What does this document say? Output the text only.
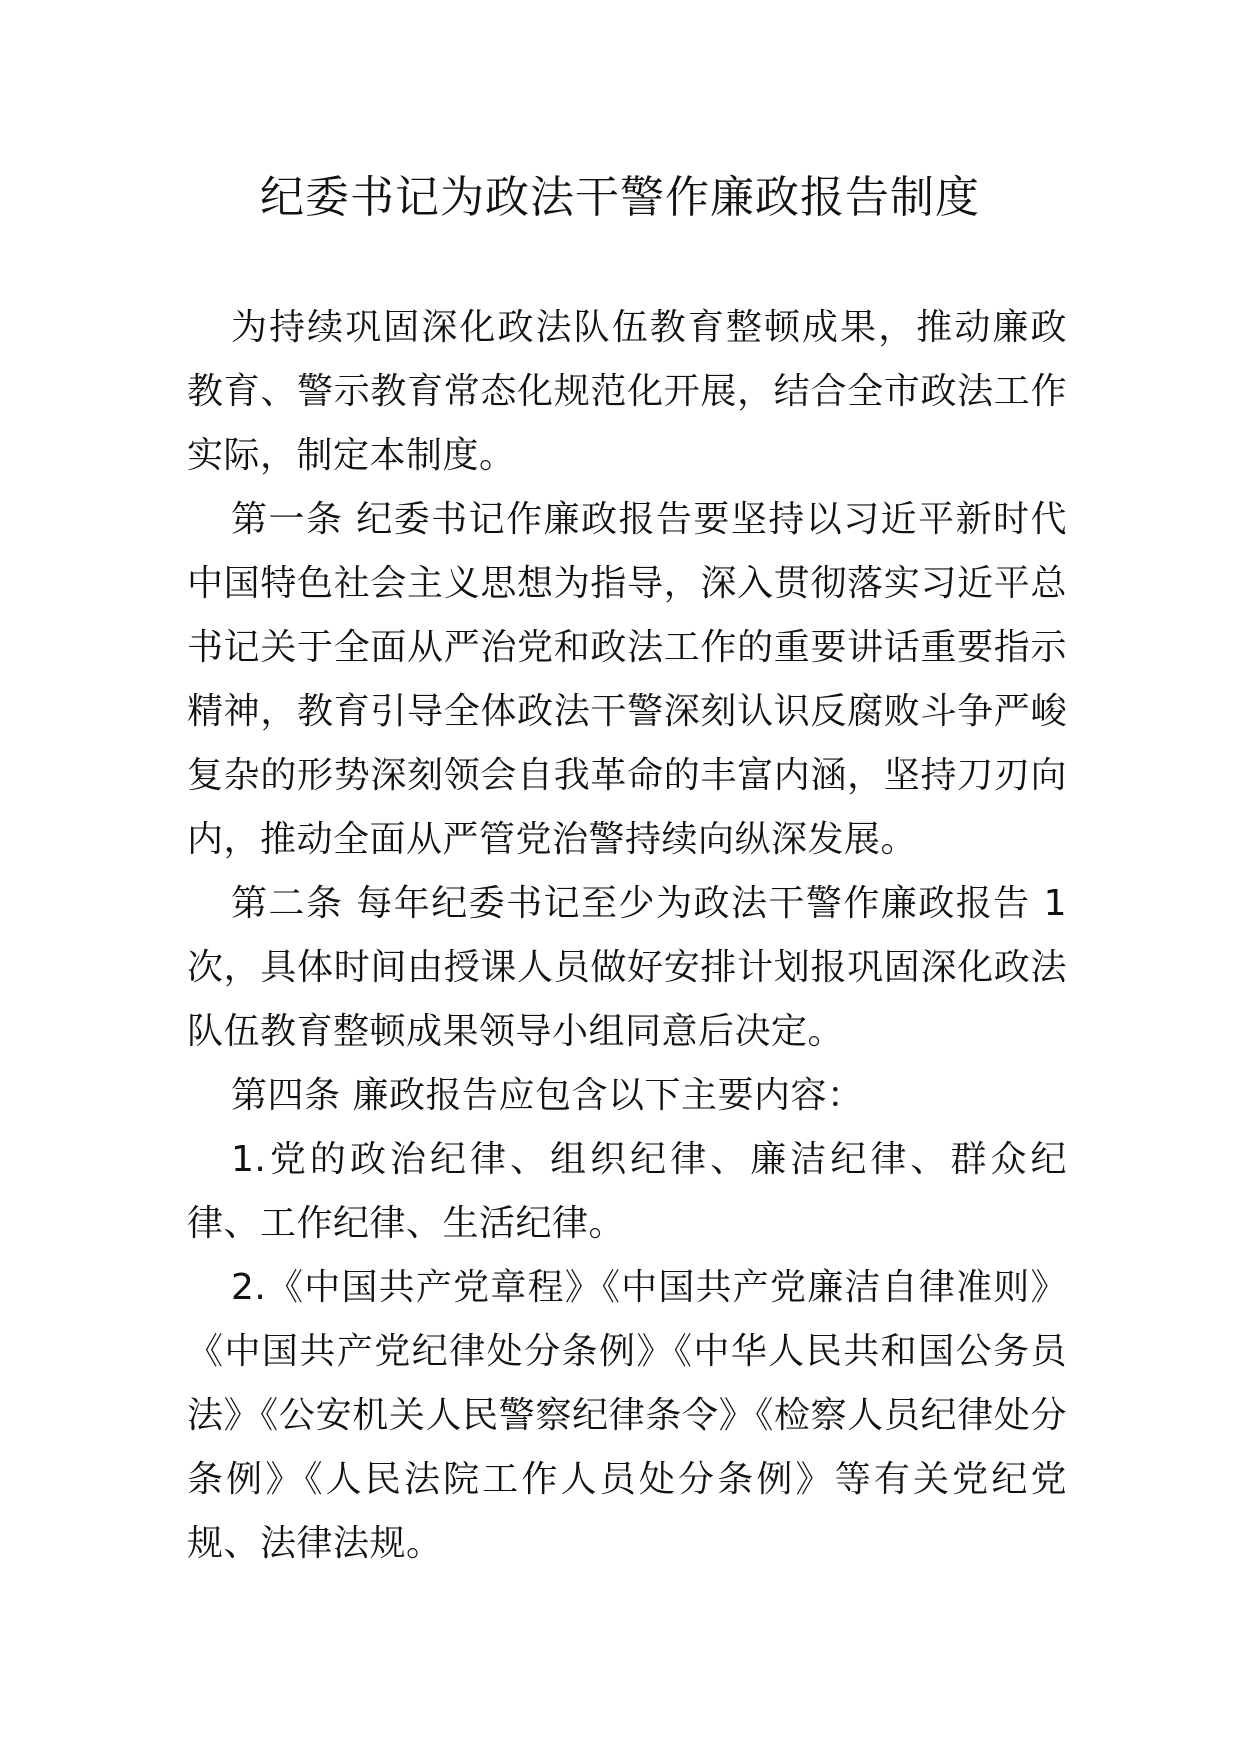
纪委书记为政法干警作廉政报告制度

为持续巩固深化政法队伍教育整顿成果，推动廉政教育、警示教育常态化规范化开展，结合全市政法工作实际，制定本制度。

第一条 纪委书记作廉政报告要坚持以习近平新时代中国特色社会主义思想为指导，深入贯彻落实习近平总书记关于全面从严治党和政法工作的重要讲话重要指示精神，教育引导全体政法干警深刻认识反腐败斗争严峻复杂的形势深刻领会自我革命的丰富内涵，坚持刀刃向内，推动全面从严管党治警持续向纵深发展。

第二条 每年纪委书记至少为政法干警作廉政报告 1 次，具体时间由授课人员做好安排计划报巩固深化政法队伍教育整顿成果领导小组同意后决定。

第四条 廉政报告应包含以下主要内容：

1.党的政治纪律、组织纪律、廉洁纪律、群众纪律、工作纪律、生活纪律。

2.《中国共产党章程》《中国共产党廉洁自律准则》《中国共产党纪律处分条例》《中华人民共和国公务员法》《公安机关人民警察纪律条令》《检察人员纪律处分条例》《人民法院工作人员处分条例》等有关党纪党规、法律法规。
